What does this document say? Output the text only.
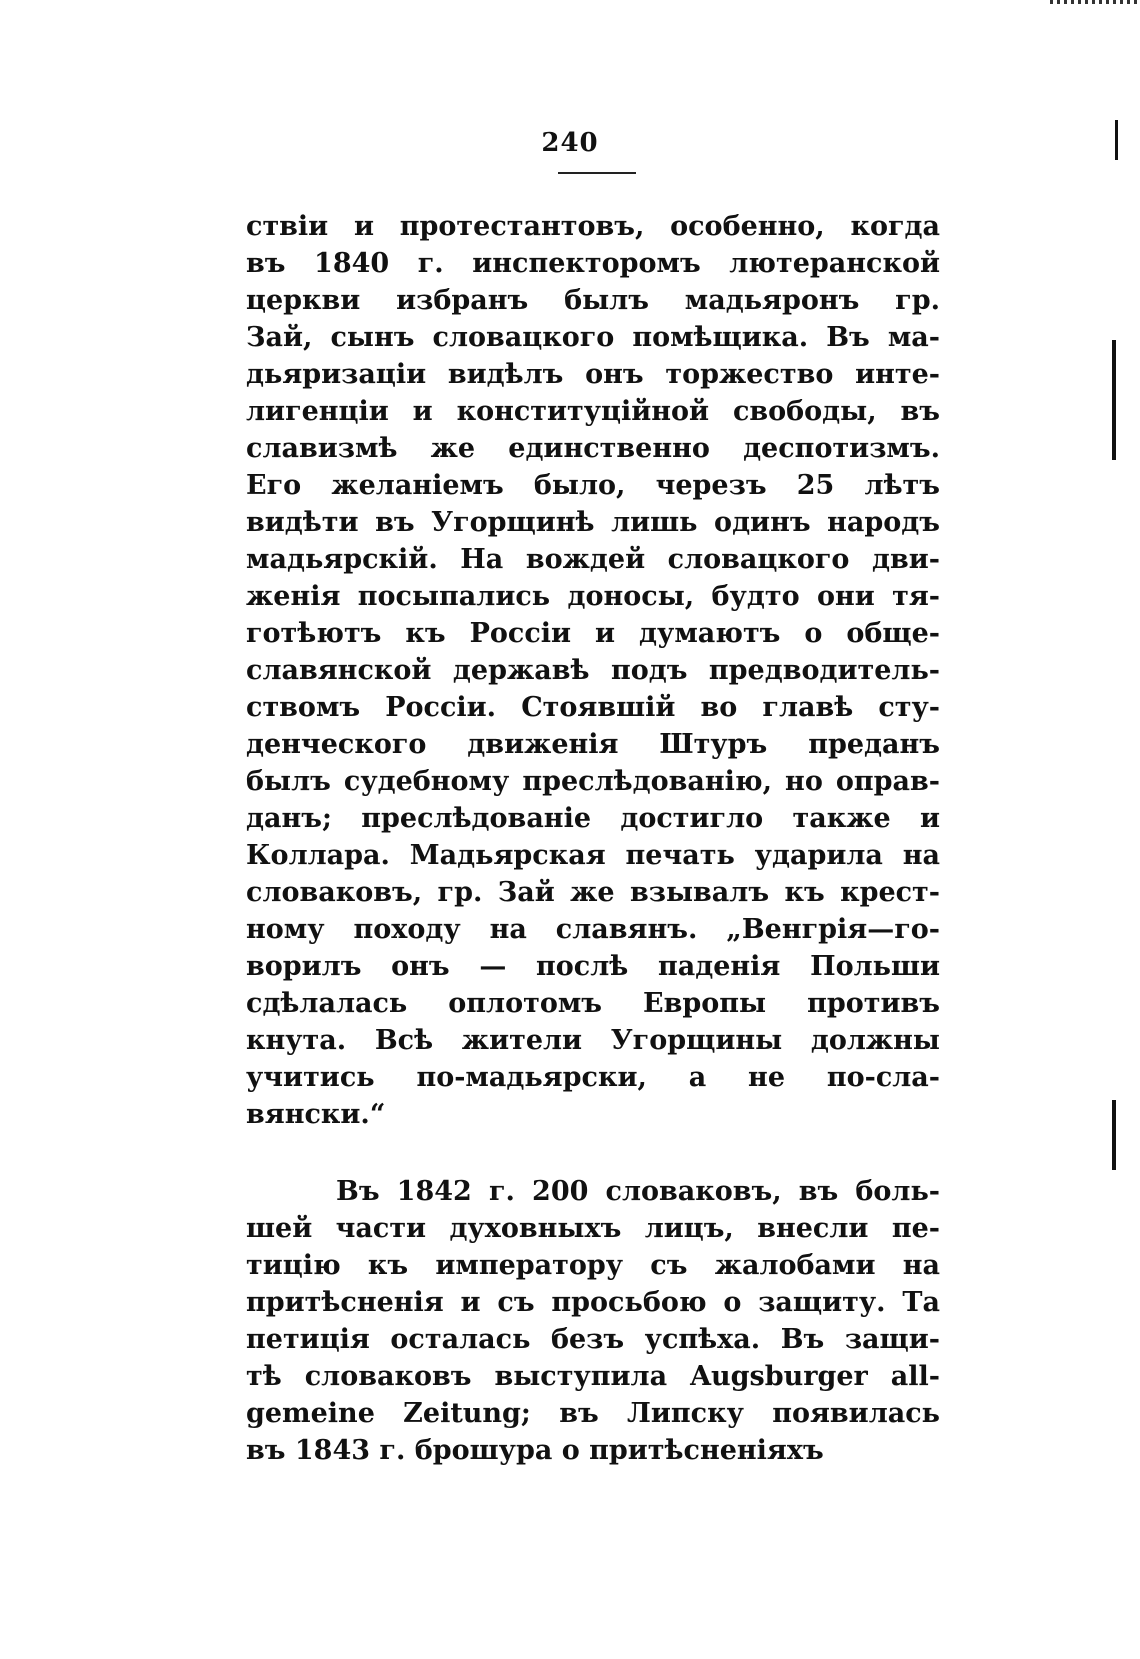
240
ствіи и протестантовъ, особенно, когда
въ 1840 г. инспекторомъ лютеранской
церкви избранъ былъ мадьяронъ гр.
Зай, сынъ словацкого помѣщика. Въ ма-
дьяризаціи видѣлъ онъ торжество инте-
лигенціи и конституційной свободы, въ
славизмѣ же единственно деспотизмъ.
Его желаніемъ было, черезъ 25 лѣтъ
видѣти въ Угорщинѣ лишь одинъ народъ
мадьярскій. На вождей словацкого дви-
женія посыпались доносы, будто они тя-
готѣютъ къ Россіи и думаютъ о обще-
славянской державѣ подъ предводитель-
ствомъ Россіи. Стоявшій во главѣ сту-
денческого движенія Штуръ преданъ
былъ судебному преслѣдованію, но оправ-
данъ; преслѣдованіе достигло также и
Коллара. Мадьярская печать ударила на
словаковъ, гр. Зай же взывалъ къ крест-
ному походу на славянъ. „Венгрія—го-
ворилъ онъ — послѣ паденія Польши
сдѣлалась оплотомъ Европы противъ
кнута. Всѣ жители Угорщины должны
учитись по-мадьярски, а не по-сла-
вянски.“
Въ 1842 г. 200 словаковъ, въ боль-
шей части духовныхъ лицъ, внесли пе-
тицію къ императору съ жалобами на
притѣсненія и съ просьбою о защиту. Та
петиція осталась безъ успѣха. Въ защи-
тѣ словаковъ выступила Augsburger all-
gemeine Zeitung; въ Липску появилась
въ 1843 г. брошура о притѣсненіяхъ
